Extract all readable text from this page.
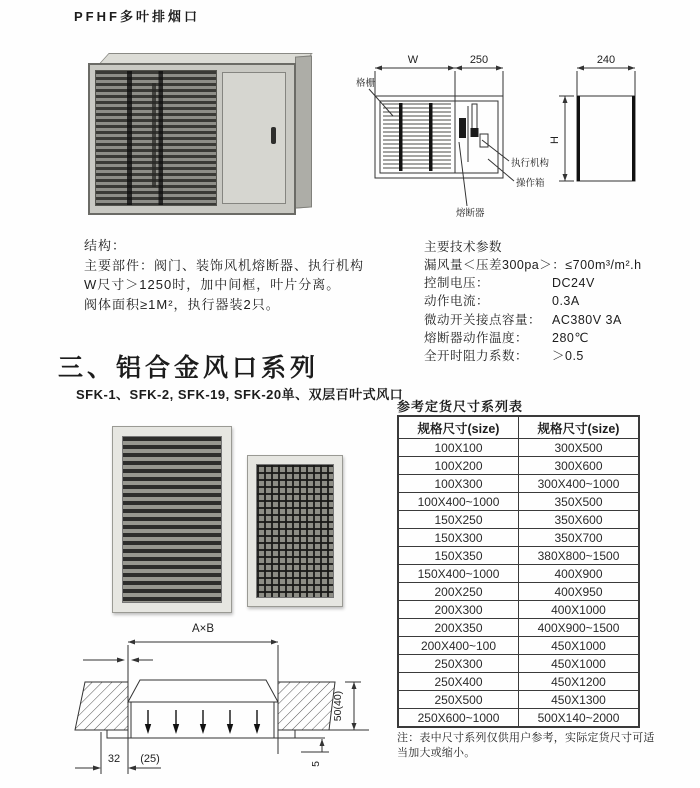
PFHF多叶排烟口
W	250
格栅
执行机构
操作箱
熔断器
240
H
结构：
主要部件：阀门、装饰风机熔断器、执行机构
W尺寸＞1250时，加中间框，叶片分离。
阀体面积≥1M²，执行器装2只。
主要技术参数
漏风量＜压差300pa＞： ≤700m³/m².h
控制电压：	DC24V
动作电流：	0.3A
微动开关接点容量： AC380V 3A
熔断器动作温度：	280℃
全开时阻力系数：	＞0.5
三、铝合金风口系列
SFK-1、SFK-2, SFK-19, SFK-20单、双层百叶式风口
A×B
32 (25)
50(40)
5
参考定货尺寸系列表
规格尺寸(size)	规格尺寸(size)
100X100	300X500
100X200	300X600
100X300	300X400~1000
100X400~1000	350X500
150X250	350X600
150X300	350X700
150X350	380X800~1500
150X400~1000	400X900
200X250	400X950
200X300	400X1000
200X350	400X900~1500
200X400~100	450X1000
250X300	450X1000
250X400	450X1200
250X500	450X1300
250X600~1000	500X140~2000
注：表中尺寸系列仅供用户参考，实际定货尺寸可适当加大或缩小。
